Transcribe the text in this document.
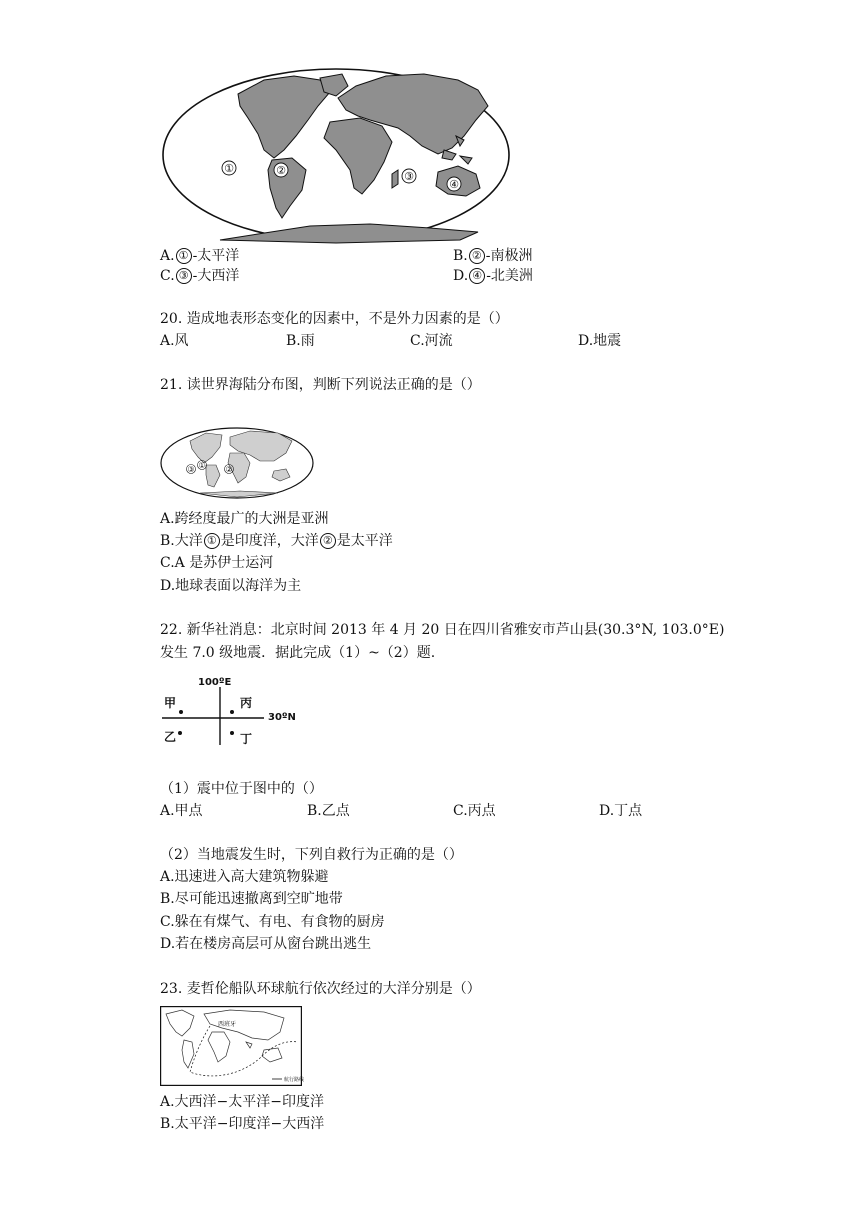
①	②	③
④
A. ① -太平洋	B. ② -南极洲
C. ③ -大西洋	D. ④ -北美洲
20. 造成地表形态变化的因素中，不是外力因素的是（）
A.风	B.雨	C.河流	D.地震
21. 读世界海陆分布图，判断下列说法正确的是（）
③ ① ②
A.跨经度最广的大洲是亚洲
B.大洋 ① 是印度洋，大洋 ② 是太平洋
C.A 是苏伊士运河
D.地球表面以海洋为主
22. 新华社消息：北京时间 2013 年 4 月 20 日在四川省雅安市芦山县(30.3°N, 103.0°E)
发生 7.0 级地震．据此完成（1）~（2）题.
100ºE
30ºN
甲	丙
乙	丁
（1）震中位于图中的（）
A.甲点	B.乙点	C.丙点	D.丁点
（2）当地震发生时，下列自救行为正确的是（）
A.迅速进入高大建筑物躲避
B.尽可能迅速撤离到空旷地带
C.躲在有煤气、有电、有食物的厨房
D.若在楼房高层可从窗台跳出逃生
23. 麦哲伦船队环球航行依次经过的大洋分别是（）
西班牙
航行路线
A.大西洋−太平洋−印度洋
B.太平洋−印度洋−大西洋
